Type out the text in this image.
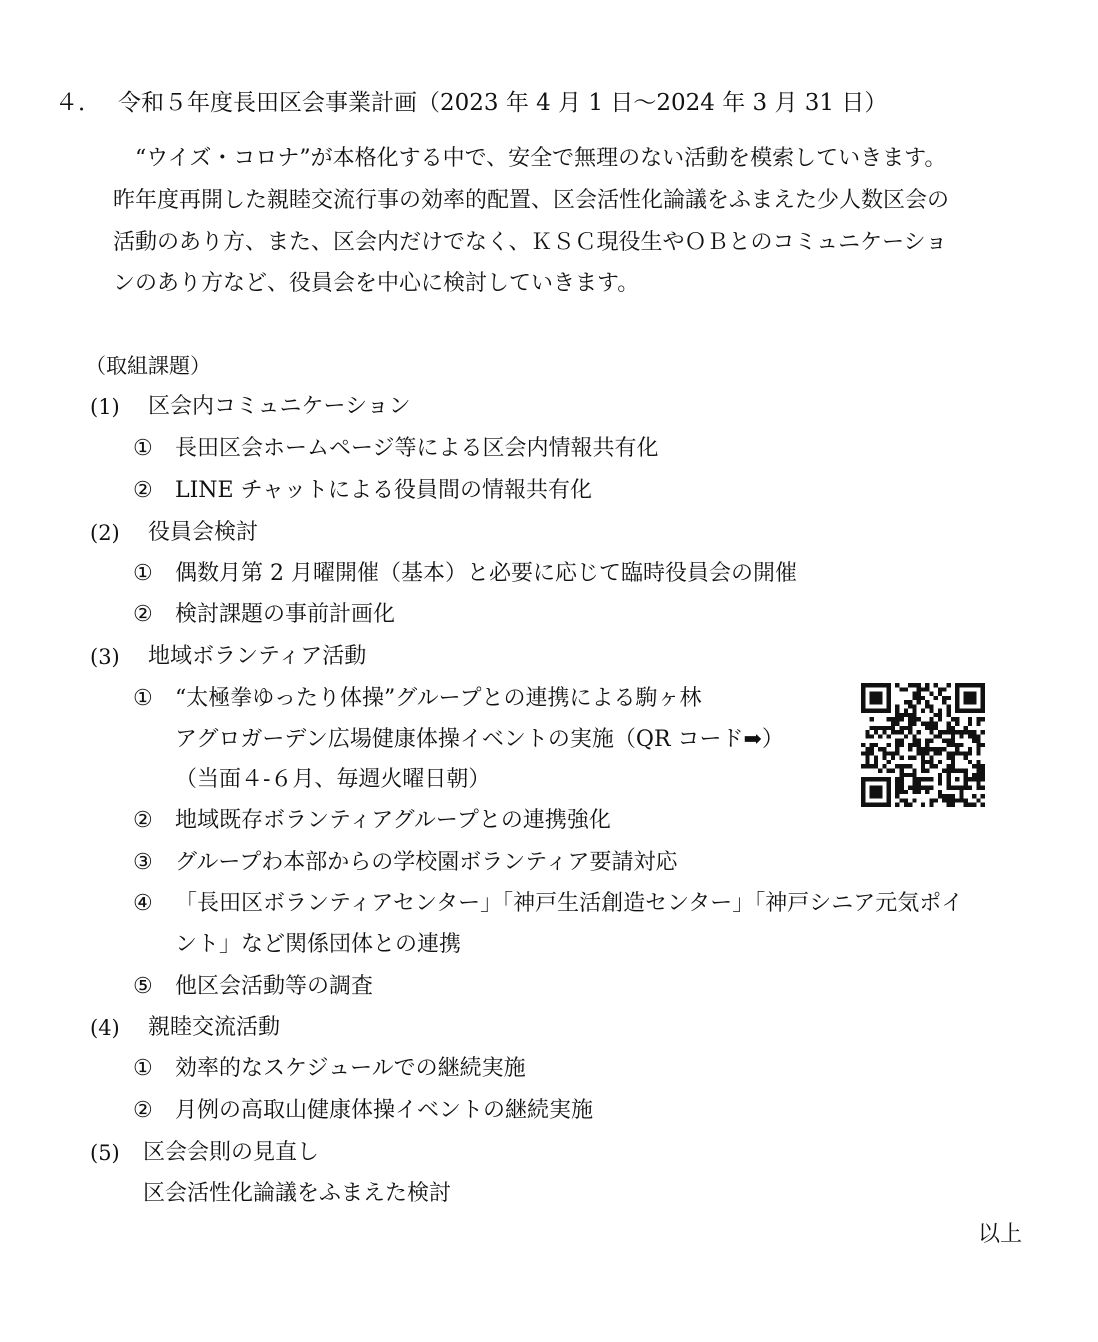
４． 令和５年度長田区会事業計画（2023 年 4 月 1 日〜2024 年 3 月 31 日）
　“ウイズ・コロナ”が本格化する中で、安全で無理のない活動を模索していきます。
昨年度再開した親睦交流行事の効率的配置、区会活性化論議をふまえた少人数区会の
活動のあり方、また、区会内だけでなく、ＫＳＣ現役生やＯＢとのコミュニケーショ
ンのあり方など、役員会を中心に検討していきます。
（取組課題）
(1) 区会内コミュニケーション
① 長田区会ホームページ等による区会内情報共有化
② LINE チャットによる役員間の情報共有化
(2) 役員会検討
① 偶数月第 2 月曜開催（基本）と必要に応じて臨時役員会の開催
② 検討課題の事前計画化
(3) 地域ボランティア活動
① “太極拳ゆったり体操”グループとの連携による駒ヶ林
アグロガーデン広場健康体操イベントの実施（QR コード➡）
（当面４‑６月、毎週火曜日朝）
② 地域既存ボランティアグループとの連携強化
③ グループわ本部からの学校園ボランティア要請対応
④ 「長田区ボランティアセンター」「神戸生活創造センター」「神戸シニア元気ポイ
ント」など関係団体との連携
⑤ 他区会活動等の調査
(4) 親睦交流活動
① 効率的なスケジュールでの継続実施
② 月例の高取山健康体操イベントの継続実施
(5) 区会会則の見直し
区会活性化論議をふまえた検討
以上
